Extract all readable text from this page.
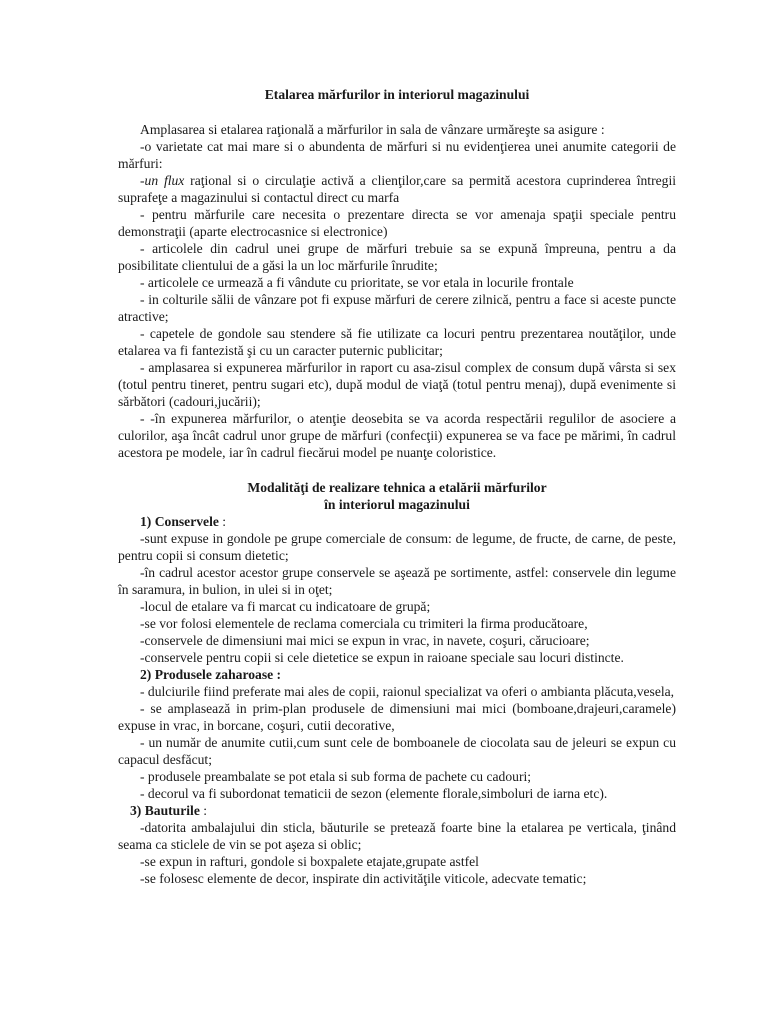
Etalarea mărfurilor in interiorul magazinului

Amplasarea si etalarea raţională a mărfurilor in sala de vânzare urmăreşte sa asigure :

-o varietate cat mai mare si o abundenta de mărfuri si nu evidenţierea unei anumite categorii de mărfuri:

-un flux raţional si o circulaţie activă a clienţilor,care sa permită acestora cuprinderea întregii suprafeţe a magazinului si contactul direct cu marfa

- pentru mărfurile care necesita o prezentare directa se vor amenaja spaţii speciale pentru demonstraţii (aparte electrocasnice si electronice)

- articolele din cadrul unei grupe de mărfuri trebuie sa se expună împreuna, pentru a da posibilitate clientului de a găsi la un loc mărfurile înrudite;

- articolele ce urmează a fi vândute cu prioritate, se vor etala in locurile frontale

- in colturile sălii de vânzare pot fi expuse mărfuri de cerere zilnică, pentru a face si aceste puncte atractive;

- capetele de gondole sau stendere să fie utilizate ca locuri pentru prezentarea noutăţilor, unde etalarea va fi fantezistă şi cu un caracter puternic publicitar;

- amplasarea si expunerea mărfurilor in raport cu asa-zisul complex de consum după vârsta si sex (totul pentru tineret, pentru sugari etc), după modul de viaţă (totul pentru menaj), după evenimente si sărbători (cadouri,jucării);

- -în expunerea mărfurilor, o atenţie deosebita se va acorda respectării regulilor de asociere a culorilor, aşa încât cadrul unor grupe de mărfuri (confecţii) expunerea se va face pe mărimi, în cadrul acestora pe modele, iar în cadrul fiecărui model pe nuanţe coloristice.

Modalităţi de realizare tehnica a etalării mărfurilor
în interiorul magazinului

1) Conservele :

-sunt expuse in gondole pe grupe comerciale de consum: de legume, de fructe, de carne, de peste, pentru copii si consum dietetic;

-în cadrul acestor acestor grupe conservele se aşează pe sortimente, astfel: conservele din legume în saramura, in bulion, in ulei si in oţet;

-locul de etalare va fi marcat cu indicatoare de grupă;

-se vor folosi elementele de reclama comerciala cu trimiteri la firma producătoare,

-conservele de dimensiuni mai mici se expun in vrac, in navete, coşuri, cărucioare;

-conservele pentru copii si cele dietetice se expun in raioane speciale sau locuri distincte.

2) Produsele zaharoase :

- dulciurile fiind preferate mai ales de copii, raionul specializat va oferi o ambianta plăcuta,vesela,

- se amplasează in prim-plan produsele de dimensiuni mai mici (bomboane,drajeuri,caramele) expuse in vrac, in borcane, coşuri, cutii decorative,

- un număr de anumite cutii,cum sunt cele de bomboanele de ciocolata sau de jeleuri se expun cu capacul desfăcut;

- produsele preambalate se pot etala si sub forma de pachete cu cadouri;

- decorul va fi subordonat tematicii de sezon (elemente florale,simboluri de iarna etc).

3) Bauturile :

-datorita ambalajului din sticla, băuturile se pretează foarte bine la etalarea pe verticala, ţinând seama ca sticlele de vin se pot aşeza si oblic;

-se expun in rafturi, gondole si boxpalete etajate,grupate astfel

-se folosesc elemente de decor, inspirate din activităţile viticole, adecvate tematic;
